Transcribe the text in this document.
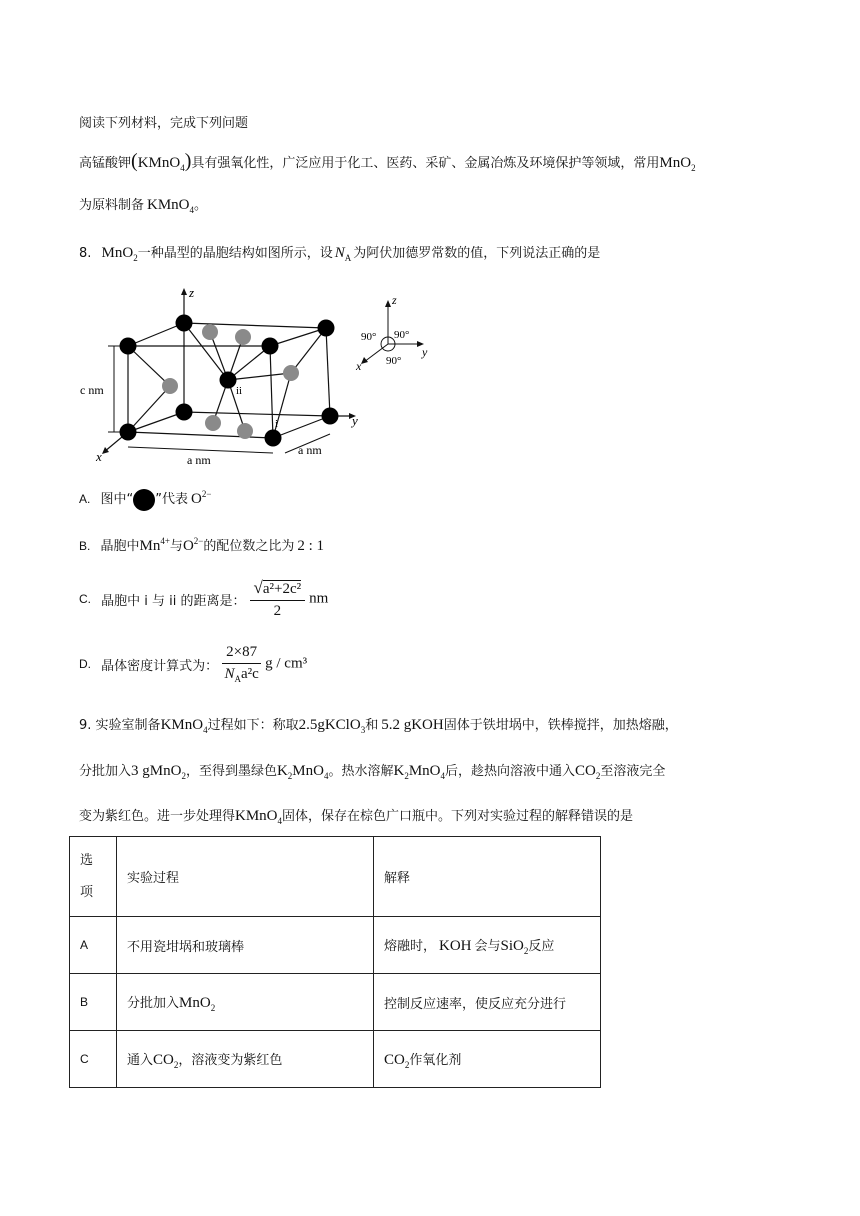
阅读下列材料，完成下列问题
高锰酸钾(KMnO$_4$)具有强氧化性，广泛应用于化工、医药、采矿、金属冶炼及环境保护等领域，常用MnO$_2$
为原料制备 KMnO$_4$。
8. MnO$_2$一种晶型的晶胞结构如图所示，设 $N_A$ 为阿伏加德罗常数的值，下列说法正确的是
z
x
y
c nm
a nm
a nm
i
ii
z
y
x
90° 90°
90°
A. 图中“ ”代表 $O^{2-}$
B. 晶胞中$Mn^{4+}$与$O^{2-}$的配位数之比为 2 : 1
C. 晶胞中 i 与 ii 的距离是： $\frac{\text{√a²+2c²}}{2}$ nm
D. 晶体密度计算式为： $\frac{2\times 87}{N_Aa^2c}$ g / cm³
9. 实验室制备KMnO$_4$过程如下：称取2.5gKClO$_3$和 5.2 gKOH固体于铁坩埚中，铁棒搅拌，加热熔融，
分批加入3 gMnO$_2$，至得到墨绿色$K_2MnO_4$。热水溶解$K_2MnO_4$后，趁热向溶液中通入$CO_2$至溶液完全
变为紫红色。进一步处理得KMnO$_4$固体，保存在棕色广口瓶中。下列对实验过程的解释错误的是
选
项	实验过程	解释
A	不用瓷坩埚和玻璃棒	熔融时， KOH 会与SiO$_2$反应
B	分批加入MnO$_2$	控制反应速率，使反应充分进行
C	通入$CO_2$，溶液变为紫红色	$CO_2$作氧化剂
